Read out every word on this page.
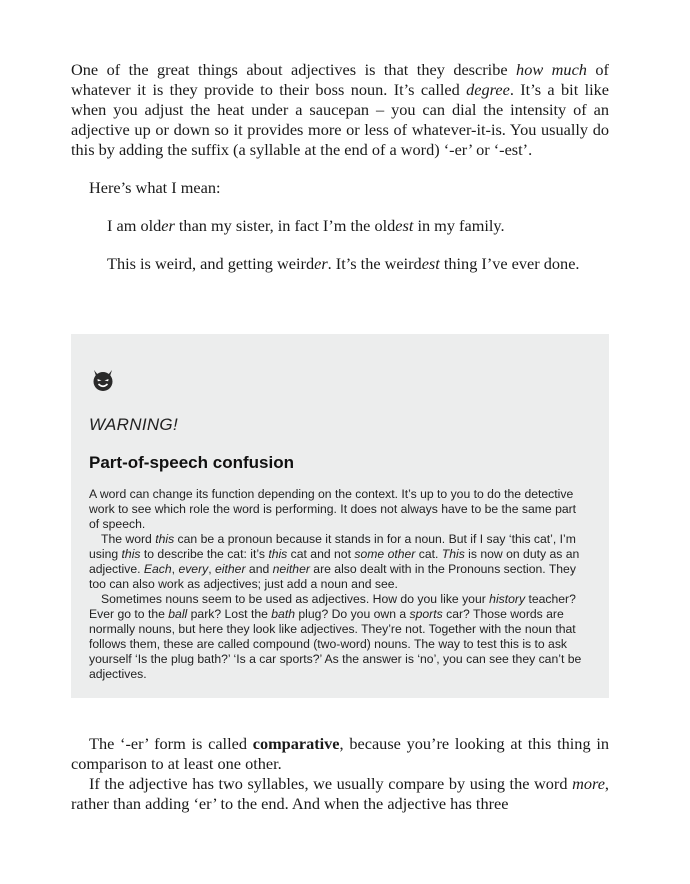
One of the great things about adjectives is that they describe how much of whatever it is they provide to their boss noun. It’s called degree. It’s a bit like when you adjust the heat under a saucepan – you can dial the intensity of an adjective up or down so it provides more or less of whatever-it-is. You usually do this by adding the suffix (a syllable at the end of a word) ‘-er’ or ‘-est’.

Here’s what I mean:

I am older than my sister, in fact I’m the oldest in my family.

This is weird, and getting weirder. It’s the weirdest thing I’ve ever done.

WARNING!
Part-of-speech confusion

A word can change its function depending on the context. It’s up to you to do the detective work to see which role the word is performing. It does not always have to be the same part of speech.

The word this can be a pronoun because it stands in for a noun. But if I say ‘this cat’, I’m using this to describe the cat: it’s this cat and not some other cat. This is now on duty as an adjective. Each, every, either and neither are also dealt with in the Pronouns section. They too can also work as adjectives; just add a noun and see.

Sometimes nouns seem to be used as adjectives. How do you like your history teacher? Ever go to the ball park? Lost the bath plug? Do you own a sports car? Those words are normally nouns, but here they look like adjectives. They’re not. Together with the noun that follows them, these are called compound (two-word) nouns. The way to test this is to ask yourself ‘Is the plug bath?’ ‘Is a car sports?’ As the answer is ‘no’, you can see they can’t be adjectives.

The ‘-er’ form is called comparative, because you’re looking at this thing in comparison to at least one other.

If the adjective has two syllables, we usually compare by using the word more, rather than adding ‘er’ to the end. And when the adjective has three
